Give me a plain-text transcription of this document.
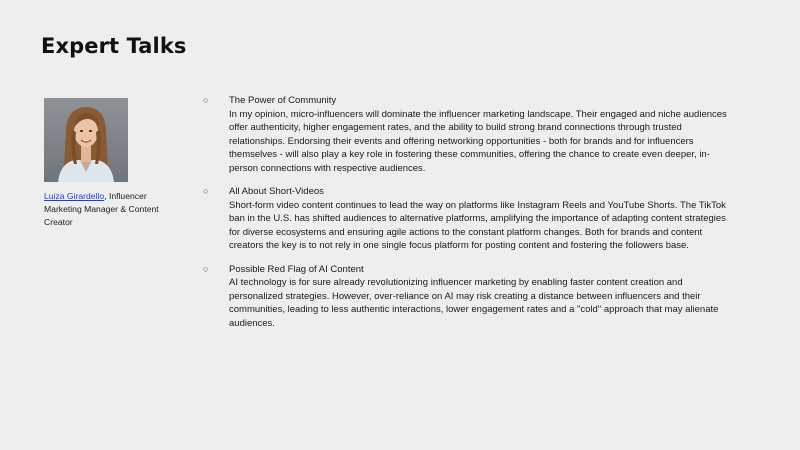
Expert Talks
Luiza Girardello, Influencer Marketing Manager & Content Creator
○ The Power of Community

In my opinion, micro-influencers will dominate the influencer marketing landscape. Their engaged and niche audiences offer authenticity, higher engagement rates, and the ability to build strong brand connections through trusted relationships. Endorsing their events and offering networking opportunities - both for brands and for influencers themselves - will also play a key role in fostering these communities, offering the chance to create even deeper, in-person connections with respective audiences.

○ All About Short-Videos

Short-form video content continues to lead the way on platforms like Instagram Reels and YouTube Shorts. The TikTok ban in the U.S. has shifted audiences to alternative platforms, amplifying the importance of adapting content strategies for diverse ecosystems and ensuring agile actions to the constant platform changes. Both for brands and content creators the key is to not rely in one single focus platform for posting content and fostering the followers base.

○ Possible Red Flag of AI Content

AI technology is for sure already revolutionizing influencer marketing by enabling faster content creation and personalized strategies. However, over-reliance on AI may risk creating a distance between influencers and their communities, leading to less authentic interactions, lower engagement rates and a "cold" approach that may alienate audiences.
